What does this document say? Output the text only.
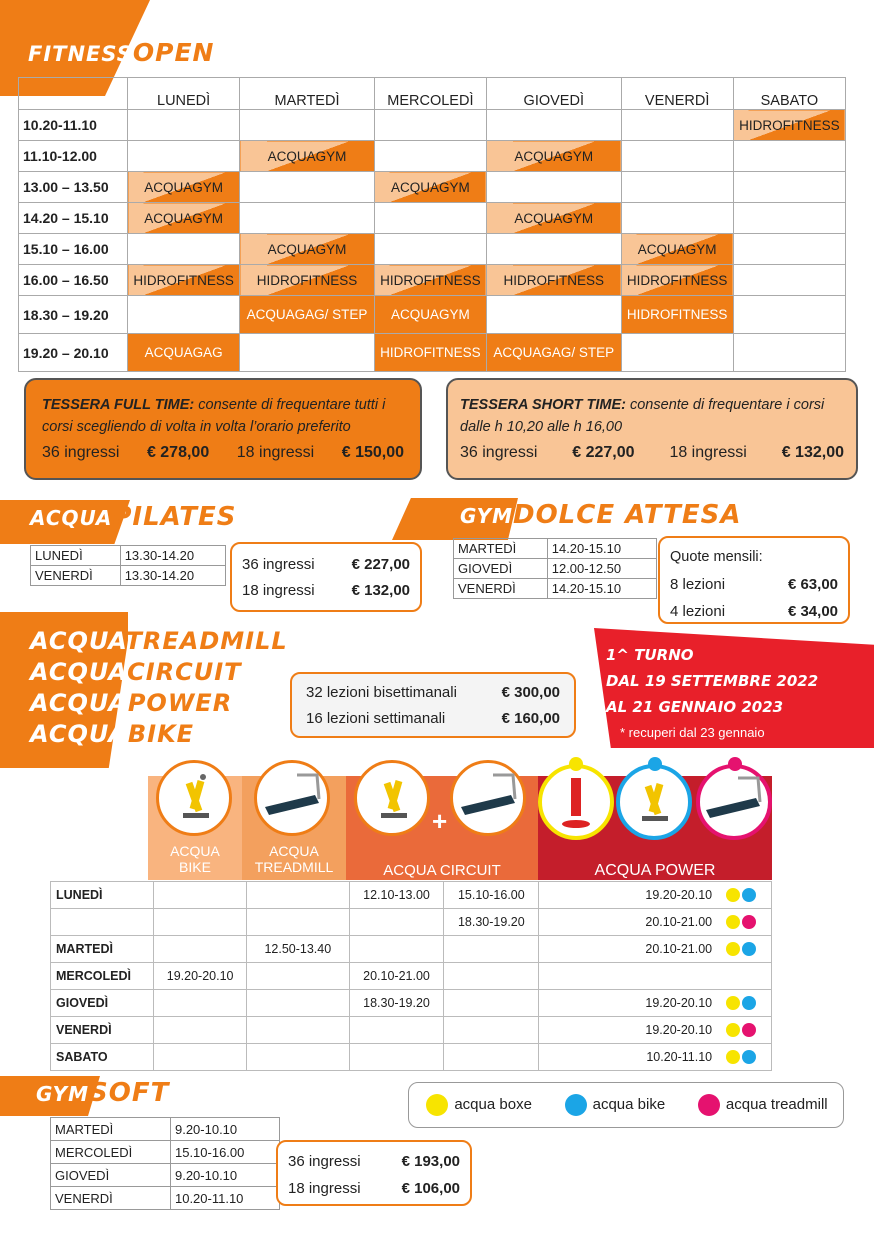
FITNESSOPEN
	LUNEDÌ	MARTEDÌ	MERCOLEDÌ	GIOVEDÌ	VENERDÌ	SABATO
10.20-11.10						HIDROFITNESS
11.10-12.00		ACQUAGYM		ACQUAGYM		
13.00 – 13.50	ACQUAGYM		ACQUAGYM			
14.20 – 15.10	ACQUAGYM			ACQUAGYM		
15.10 – 16.00		ACQUAGYM			ACQUAGYM	
16.00 – 16.50	HIDROFITNESS	HIDROFITNESS	HIDROFITNESS	HIDROFITNESS	HIDROFITNESS	
18.30 – 19.20		ACQUAGAG/ STEP	ACQUAGYM		HIDROFITNESS	
19.20 – 20.10	ACQUAGAG		HIDROFITNESS	ACQUAGAG/ STEP		
TESSERA FULL TIME: consente di frequentare tutti i corsi scegliendo di volta in volta l’orario preferito
36 ingressi € 278,00 18 ingressi € 150,00
TESSERA SHORT TIME: consente di frequentare i corsi dalle h 10,20 alle h 16,00
36 ingressi € 227,00 18 ingressi € 132,00
ACQUAPILATES
LUNEDÌ	13.30-14.20
VENERDÌ	13.30-14.20
36 ingressi € 227,00
18 ingressi € 132,00
GYMDOLCE ATTESA
MARTEDÌ	14.20-15.10
GIOVEDÌ	12.00-12.50
VENERDÌ	14.20-15.10
Quote mensili:
8 lezioni	€ 63,00
4 lezioni	€ 34,00
ACQUATREADMILL
ACQUACIRCUIT
ACQUAPOWER
ACQUABIKE
32 lezioni bisettimanali	€ 300,00
16 lezioni settimanali	€ 160,00
1^ TURNO
DAL 19 SETTEMBRE 2022
AL 21 GENNAIO 2023
* recuperi dal 23 gennaio
+
ACQUA BIKE
ACQUA TREADMILL	ACQUA CIRCUIT	ACQUA POWER
LUNEDÌ			12.10-13.00	15.10-16.00	19.20-20.10
				18.30-19.20	20.10-21.00
MARTEDÌ		12.50-13.40			20.10-21.00
MERCOLEDÌ	19.20-20.10		20.10-21.00		
GIOVEDÌ			18.30-19.20		19.20-20.10
VENERDÌ					19.20-20.10
SABATO					10.20-11.10
GYMSOFT
MARTEDÌ	9.20-10.10
MERCOLEDÌ	15.10-16.00
GIOVEDÌ	9.20-10.10
VENERDÌ	10.20-11.10
36 ingressi	€ 193,00
18 ingressi	€ 106,00
acqua boxe	acqua bike	acqua treadmill
